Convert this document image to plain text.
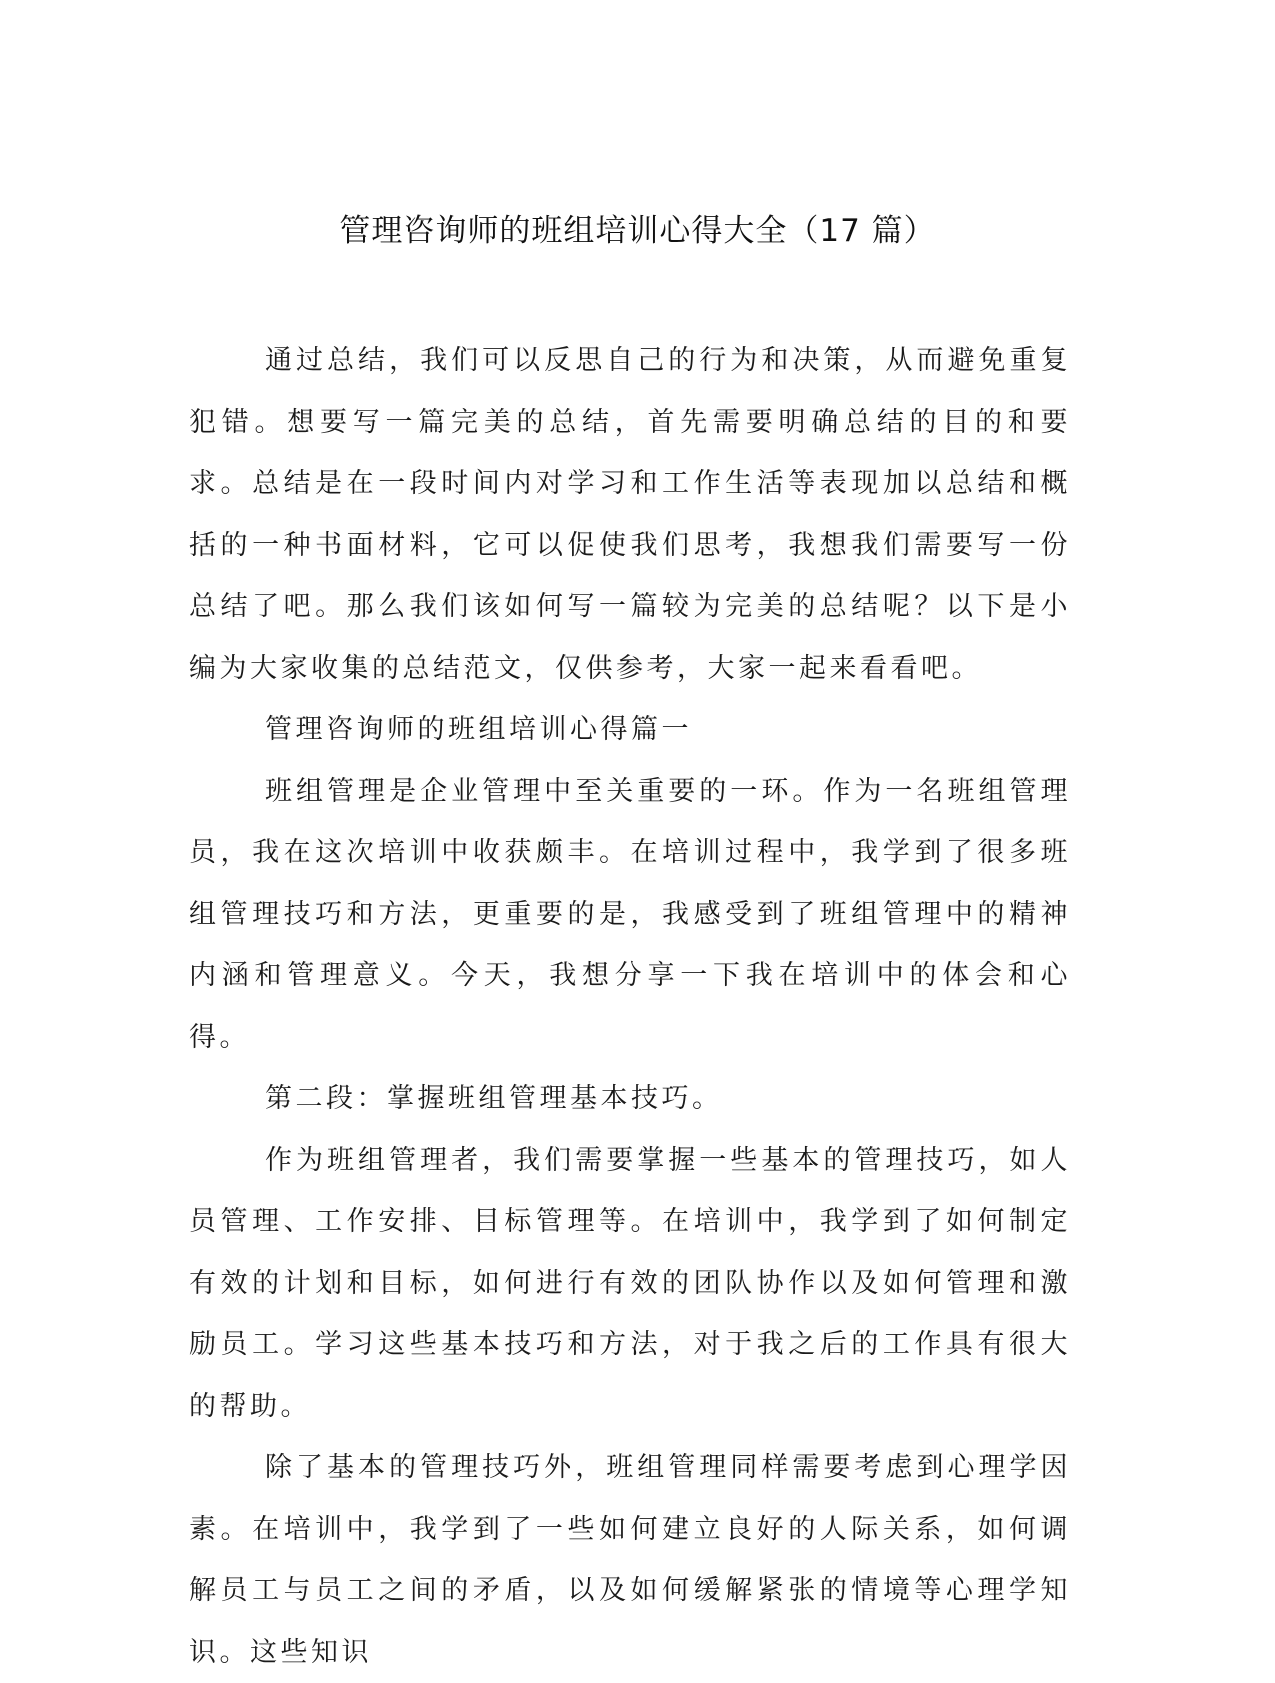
管理咨询师的班组培训心得大全（17 篇）

通过总结，我们可以反思自己的行为和决策，从而避免重复犯错。想要写一篇完美的总结，首先需要明确总结的目的和要求。总结是在一段时间内对学习和工作生活等表现加以总结和概括的一种书面材料，它可以促使我们思考，我想我们需要写一份总结了吧。那么我们该如何写一篇较为完美的总结呢？以下是小编为大家收集的总结范文，仅供参考，大家一起来看看吧。

管理咨询师的班组培训心得篇一

班组管理是企业管理中至关重要的一环。作为一名班组管理员，我在这次培训中收获颇丰。在培训过程中，我学到了很多班组管理技巧和方法，更重要的是，我感受到了班组管理中的精神内涵和管理意义。今天，我想分享一下我在培训中的体会和心得。

第二段：掌握班组管理基本技巧。

作为班组管理者，我们需要掌握一些基本的管理技巧，如人员管理、工作安排、目标管理等。在培训中，我学到了如何制定有效的计划和目标，如何进行有效的团队协作以及如何管理和激励员工。学习这些基本技巧和方法，对于我之后的工作具有很大的帮助。

除了基本的管理技巧外，班组管理同样需要考虑到心理学因素。在培训中，我学到了一些如何建立良好的人际关系，如何调解员工与员工之间的矛盾，以及如何缓解紧张的情境等心理学知识。这些知识
